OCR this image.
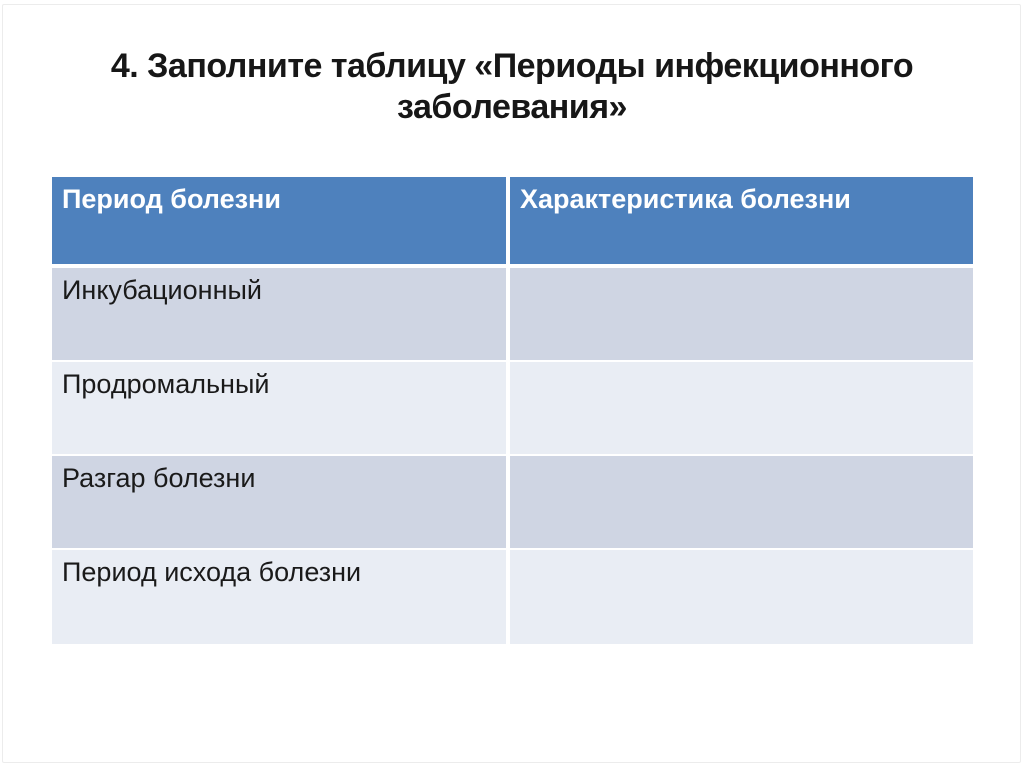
4. Заполните таблицу «Периоды инфекционного заболевания»
Период болезни	Характеристика болезни
Инкубационный	
Продромальный	
Разгар болезни	
Период исхода болезни	
